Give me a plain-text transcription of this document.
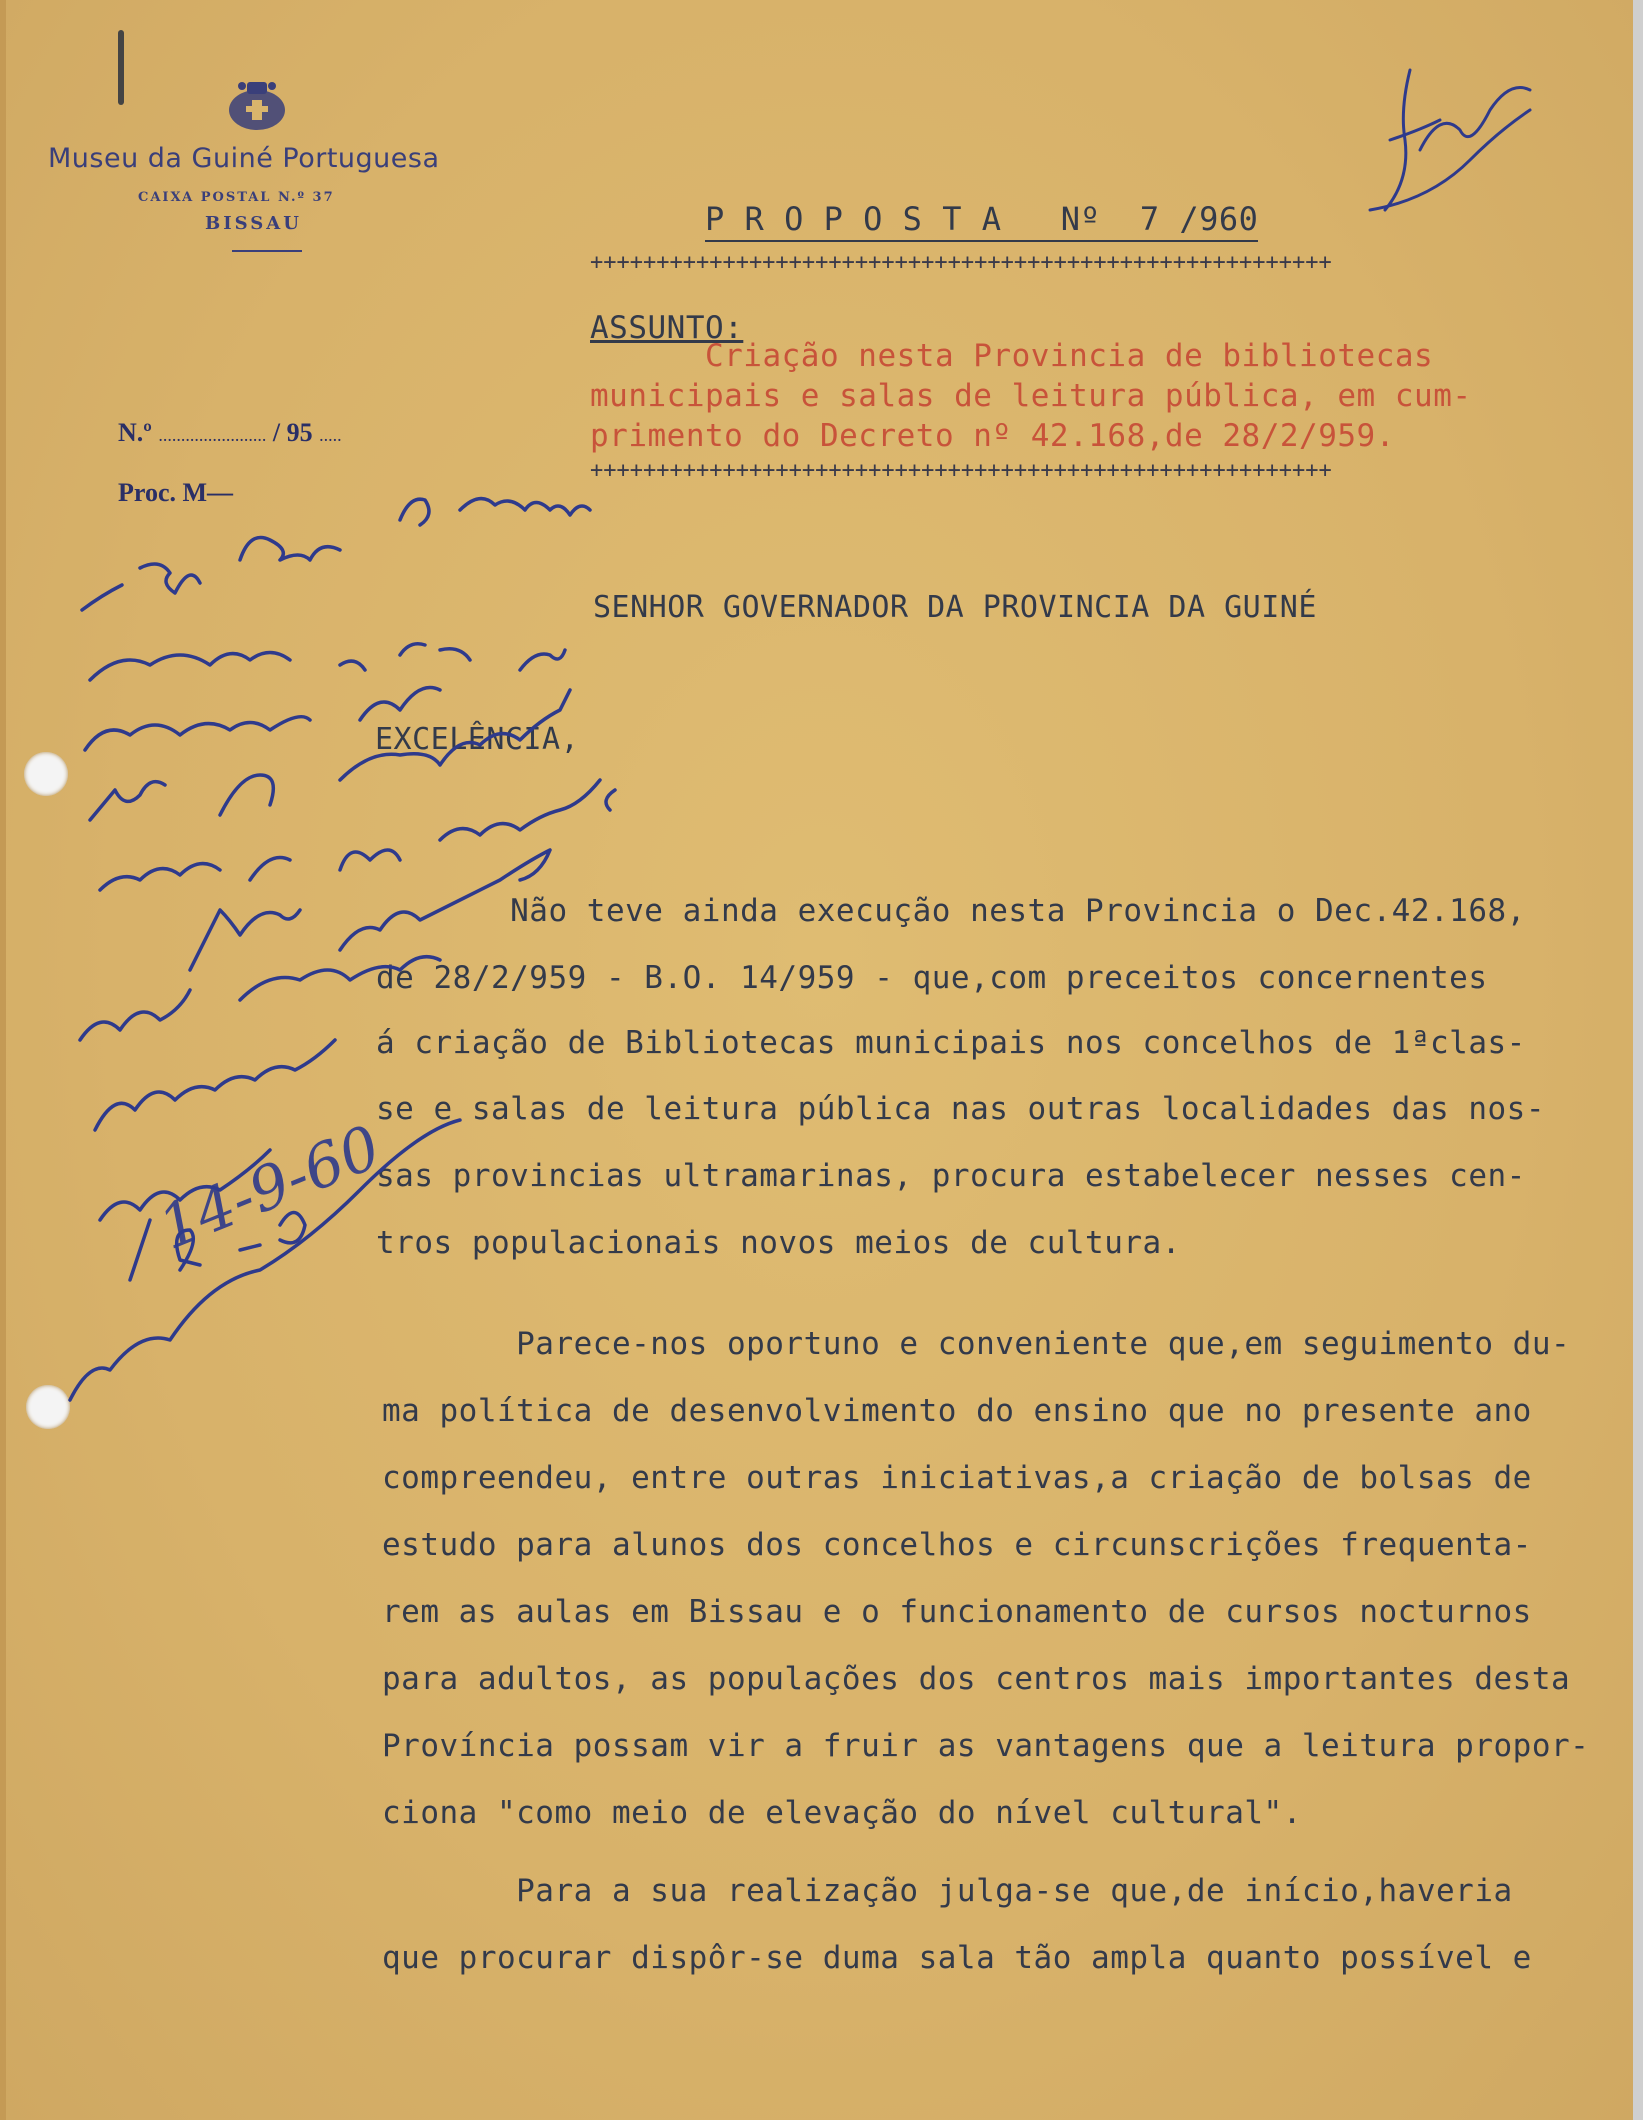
Museu da Guiné Portuguesa
CAIXA POSTAL N.º 37
BISSAU
N.º ........................ / 95 .....
Proc. M—
P R O P O S T A   Nº  7 /960
++++++++++++++++++++++++++++++++++++++++++++++++++++++++
ASSUNTO:
Criação nesta Provincia de bibliotecas
municipais e salas de leitura pública, em cum-
primento do Decreto nº 42.168,de 28/2/959.
++++++++++++++++++++++++++++++++++++++++++++++++++++++++
SENHOR GOVERNADOR DA PROVINCIA DA GUINÉ
EXCELÊNCIA,
Não teve ainda execução nesta Provincia o Dec.42.168,
de 28/2/959 - B.O. 14/959 - que,com preceitos concernentes
á criação de Bibliotecas municipais nos concelhos de 1ªclas-
se e salas de leitura pública nas outras localidades das nos-
sas provincias ultramarinas, procura estabelecer nesses cen-
tros populacionais novos meios de cultura.
Parece-nos oportuno e conveniente que,em seguimento du-
ma política de desenvolvimento do ensino que no presente ano
compreendeu, entre outras iniciativas,a criação de bolsas de
estudo para alunos dos concelhos e circunscrições frequenta-
rem as aulas em Bissau e o funcionamento de cursos nocturnos
para adultos, as populações dos centros mais importantes desta
Província possam vir a fruir as vantagens que a leitura propor-
ciona "como meio de elevação do nível cultural".
Para a sua realização julga-se que,de início,haveria
que procurar dispôr-se duma sala tão ampla quanto possível e
14-9-60
